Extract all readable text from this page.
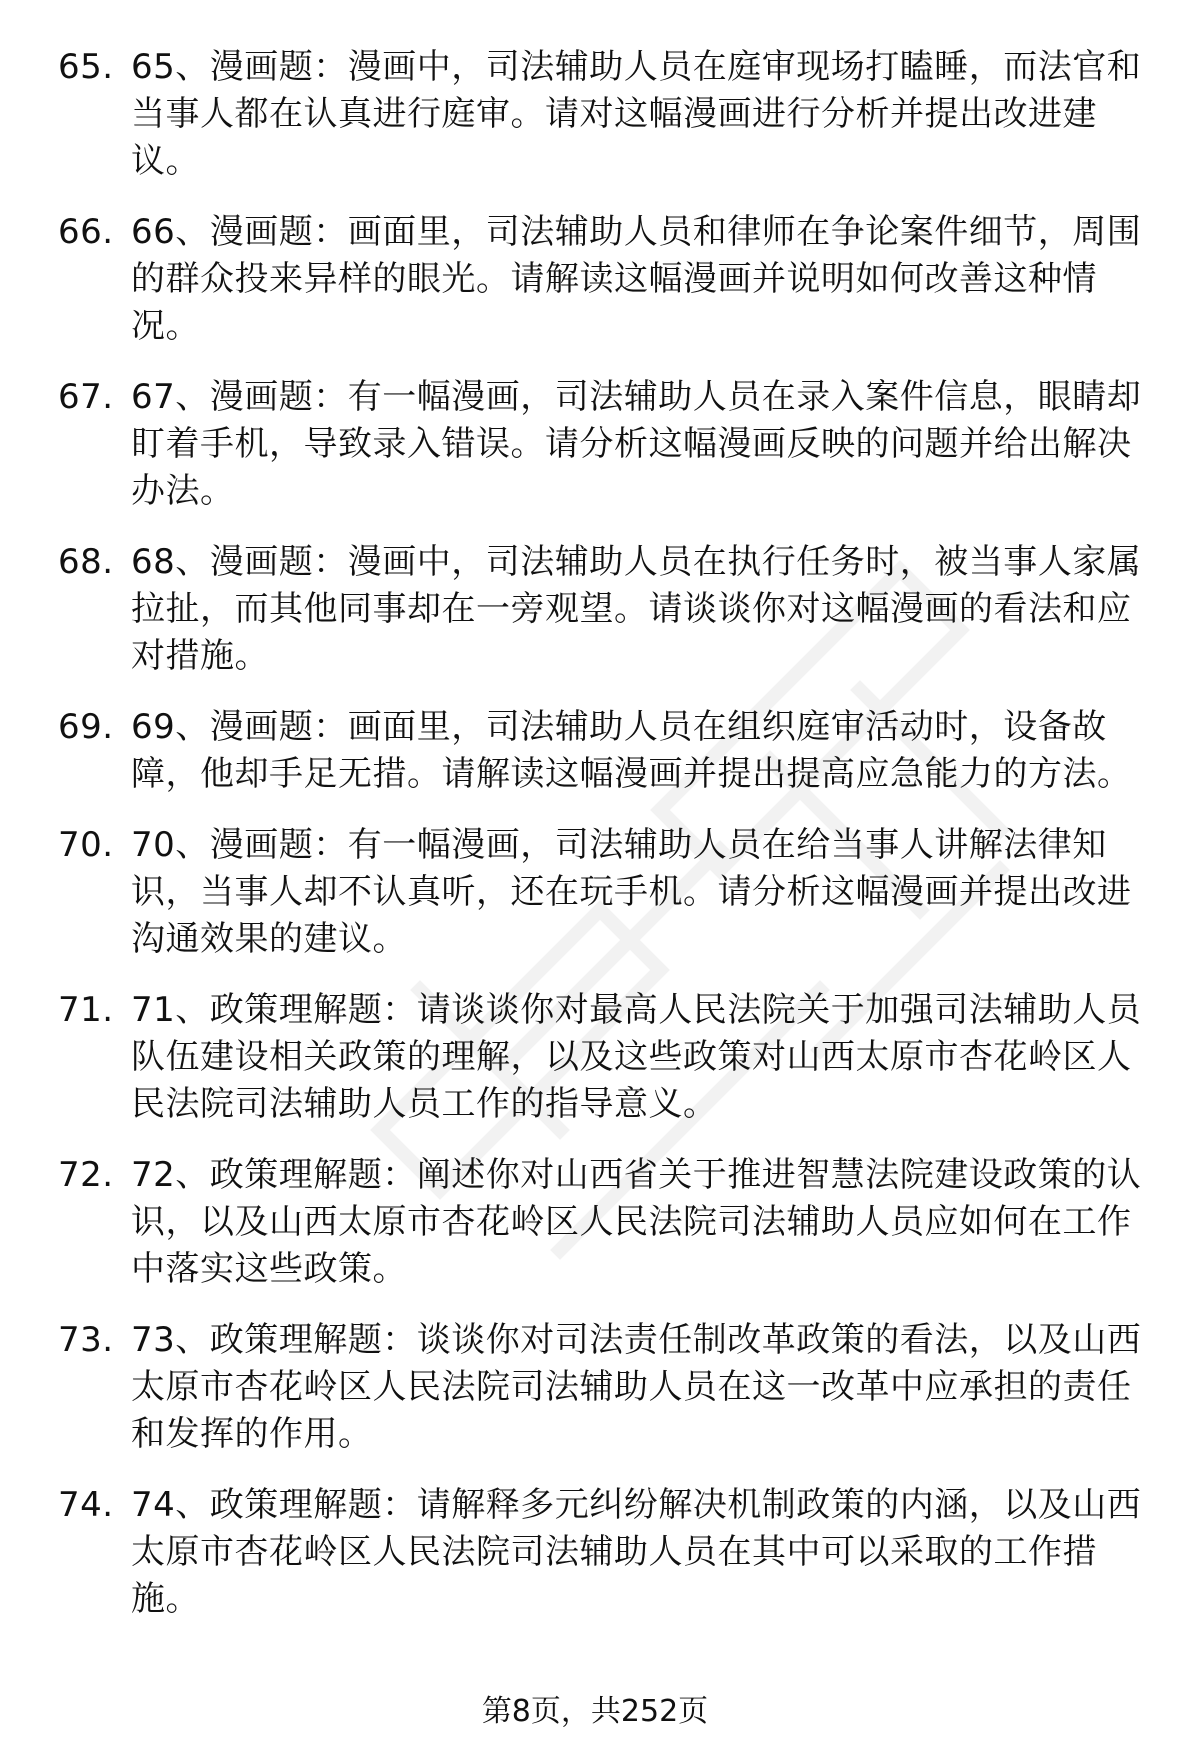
65. 65、漫画题：漫画中，司法辅助人员在庭审现场打瞌睡，而法官和当事人都在认真进行庭审。请对这幅漫画进行分析并提出改进建议。
66. 66、漫画题：画面里，司法辅助人员和律师在争论案件细节，周围的群众投来异样的眼光。请解读这幅漫画并说明如何改善这种情况。
67. 67、漫画题：有一幅漫画，司法辅助人员在录入案件信息，眼睛却盯着手机，导致录入错误。请分析这幅漫画反映的问题并给出解决办法。
68. 68、漫画题：漫画中，司法辅助人员在执行任务时，被当事人家属拉扯，而其他同事却在一旁观望。请谈谈你对这幅漫画的看法和应对措施。
69. 69、漫画题：画面里，司法辅助人员在组织庭审活动时，设备故障，他却手足无措。请解读这幅漫画并提出提高应急能力的方法。
70. 70、漫画题：有一幅漫画，司法辅助人员在给当事人讲解法律知识，当事人却不认真听，还在玩手机。请分析这幅漫画并提出改进沟通效果的建议。
71. 71、政策理解题：请谈谈你对最高人民法院关于加强司法辅助人员队伍建设相关政策的理解，以及这些政策对山西太原市杏花岭区人民法院司法辅助人员工作的指导意义。
72. 72、政策理解题：阐述你对山西省关于推进智慧法院建设政策的认识，以及山西太原市杏花岭区人民法院司法辅助人员应如何在工作中落实这些政策。
73. 73、政策理解题：谈谈你对司法责任制改革政策的看法，以及山西太原市杏花岭区人民法院司法辅助人员在这一改革中应承担的责任和发挥的作用。
74. 74、政策理解题：请解释多元纠纷解决机制政策的内涵，以及山西太原市杏花岭区人民法院司法辅助人员在其中可以采取的工作措施。
第8页，共252页
